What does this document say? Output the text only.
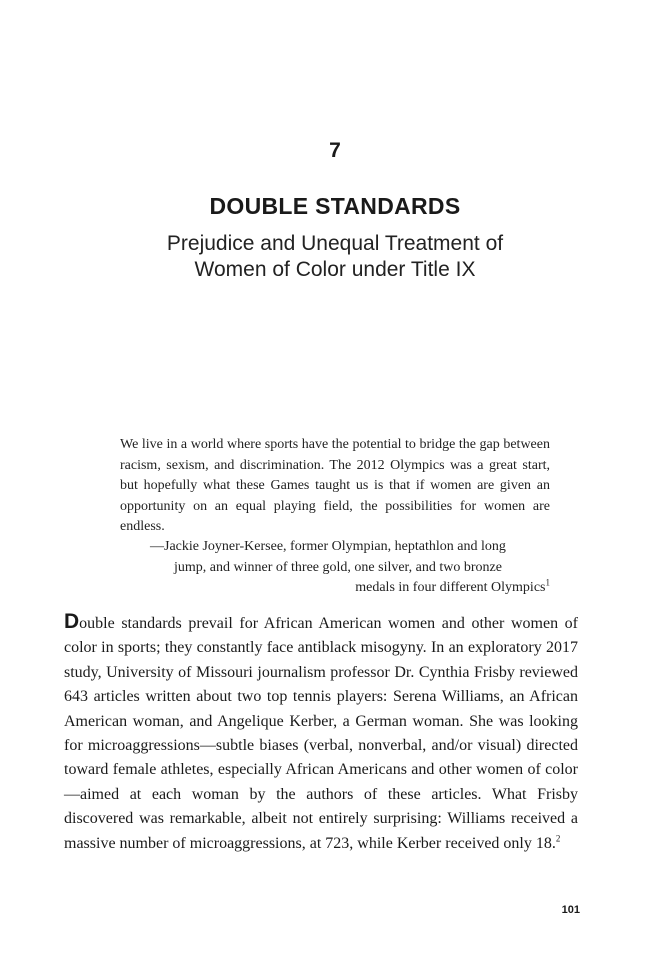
7
DOUBLE STANDARDS
Prejudice and Unequal Treatment of
Women of Color under Title IX
We live in a world where sports have the potential to bridge the gap between racism, sexism, and discrimination. The 2012 Olympics was a great start, but hopefully what these Games taught us is that if women are given an opportunity on an equal playing field, the possibilities for women are endless.
—Jackie Joyner-Kersee, former Olympian, heptathlon and long
jump, and winner of three gold, one silver, and two bronze
medals in four different Olympics$^1$
Double standards prevail for African American women and other women of color in sports; they constantly face antiblack misogyny. In an exploratory 2017 study, University of Missouri journalism professor Dr. Cynthia Frisby reviewed 643 articles written about two top tennis players: Serena Williams, an African American woman, and Angelique Kerber, a German woman. She was looking for microaggressions—subtle biases (verbal, nonverbal, and/or visual) directed toward female athletes, especially African Americans and other women of color—aimed at each woman by the authors of these articles. What Frisby discovered was remarkable, albeit not entirely surprising: Williams received a massive number of microaggressions, at 723, while Kerber received only 18.$^2$
101
